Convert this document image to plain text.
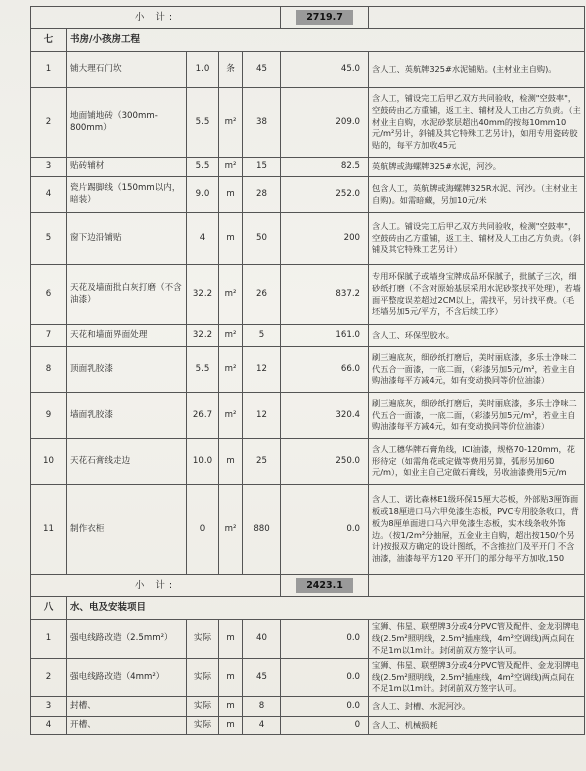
小 计:					2719.7	
七	书房/小孩房工程					
1	铺大理石门坎	1.0	条	45	45.0	含人工、英航牌325#水泥铺贴。(主材业主自购)。
2	地面铺地砖（300mm-800mm）	5.5	m²	38	209.0	含人工，铺设完工后甲乙双方共同验收，检测"空鼓率"，空鼓砖由乙方重铺，返工主、辅材及人工由乙方负责。（主材业主自购，水泥砂浆层超出40mm的按每10mm10元/m²另计，斜铺及其它特殊工艺另计)，如用专用瓷砖胶贴的，每平方加收45元
3	贴砖辅材	5.5	m²	15	82.5	英航牌或海螺牌325#水泥，河沙。
4	瓷片踢脚线（150mm以内，暗装）	9.0	m	28	252.0	包含人工，英航牌或海螺牌325R水泥、河沙。（主材业主自购)。如需暗藏，另加10元/米
5	窗下边沿铺贴	4	m	50	200	含人工。铺设完工后甲乙双方共同验收，检测"空鼓率"，空鼓砖由乙方重铺，返工主、辅材及人工由乙方负责。（斜铺及其它特殊工艺另计）
6	天花及墙面批白灰打磨（不含油漆）	32.2	m²	26	837.2	专用环保腻子或墙身宝牌成品环保腻子，批腻子三次，细砂纸打磨（不含对原始基层采用水泥砂浆找平处理），若墙面平整度误差超过2CM以上，需找平，另计找平费。（毛坯墙另加5元/平方，不含后续工序）
7	天花和墙面界面处理	32.2	m²	5	161.0	含人工、环保型胶水。
8	顶面乳胶漆	5.5	m²	12	66.0	刷三遍底灰，细砂纸打磨后，美时丽底漆，多乐士净味二代五合一面漆，一底二面，（彩漆另加5元/m²，若业主自购油漆每平方减4元，如有变动换同等价位油漆）
9	墙面乳胶漆	26.7	m²	12	320.4	刷三遍底灰，细砂纸打磨后，美时丽底漆，多乐士净味二代五合一面漆，一底二面，（彩漆另加5元/m²，若业主自购油漆每平方减4元，如有变动换同等价位油漆）
10	天花石膏线走边	10.0	m	25	250.0	含人工穗华牌石膏角线，ICI油漆，规格70-120mm，花形待定（如需角花或定做等费用另算，弧形另加60元/m），如业主自己定做石膏线，另收油漆费用5元/m
11	制作衣柜	0	m²	880	0.0	含人工、诺比森林E1级环保15厘大芯板，外部贴3厘饰面板或18厘进口马六甲免漆生态板，PVC专用胶条收口，背板为8厘单面进口马六甲免漆生态板，实木线条收外饰边。（按1/2m²分抽屉，五金业主自购，超出按150/个另计)按报双方确定的设计图纸，不含推拉门及平开门 不含油漆，油漆每平方120 平开门的部分每平方加收,150
小 计:					2423.1	
八	水、电及安装项目					
1	强电线路改造（2.5mm²）	实际	m	40	0.0	宝狮、伟星、联塑牌3分或4分PVC管及配件、金龙羽牌电线(2.5m²照明线，2.5m²插座线，4m²空调线)两点间在不足1m以1m计。封闭前双方签字认可。
2	强电线路改造（4mm²）	实际	m	45	0.0	宝狮、伟星、联塑牌3分或4分PVC管及配件、金龙羽牌电线(2.5m²照明线，2.5m²插座线，4m²空调线)两点间在不足1m以1m计。封闭前双方签字认可。
3	封槽、	实际	m	8	0.0	含人工、封槽、水泥河沙。
4	开槽、	实际	m	4	0	含人工、机械损耗
